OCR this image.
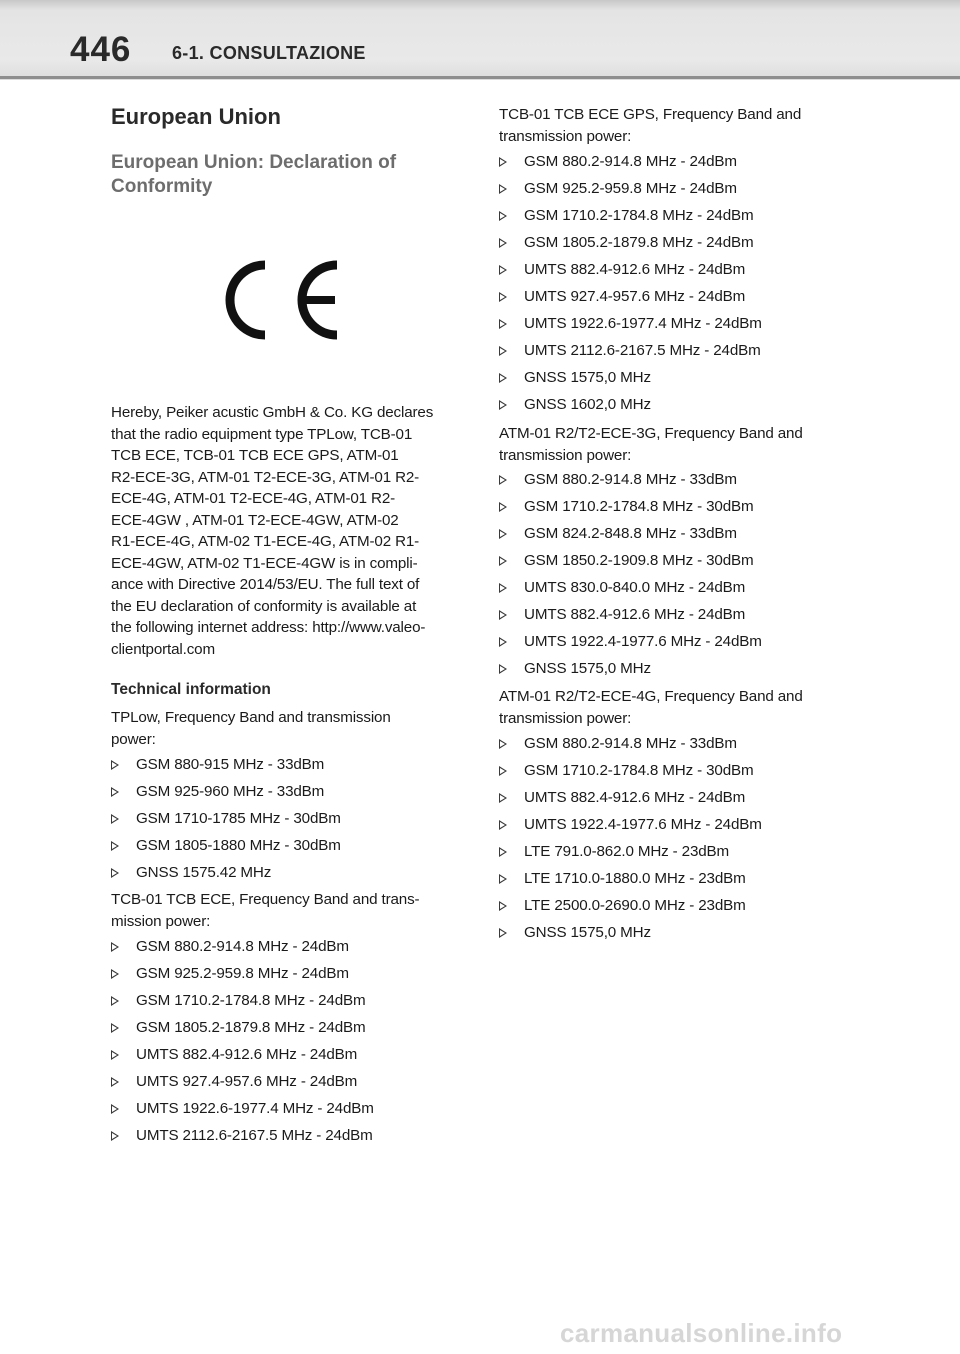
446 6-1. CONSULTAZIONE
European Union
European Union: Declaration of
Conformity
Hereby, Peiker acustic GmbH & Co. KG declares
that the radio equipment type TPLow, TCB-01
TCB ECE, TCB-01 TCB ECE GPS, ATM-01
R2-ECE-3G, ATM-01 T2-ECE-3G, ATM-01 R2-
ECE-4G, ATM-01 T2-ECE-4G, ATM-01 R2-
ECE-4GW , ATM-01 T2-ECE-4GW, ATM-02
R1-ECE-4G, ATM-02 T1-ECE-4G, ATM-02 R1-
ECE-4GW, ATM-02 T1-ECE-4GW is in compli-
ance with Directive 2014/53/EU. The full text of
the EU declaration of conformity is available at
the following internet address: http://www.valeo-
clientportal.com
Technical information
TPLow, Frequency Band and transmission
power:
GSM 880-915 MHz - 33dBm
GSM 925-960 MHz - 33dBm
GSM 1710-1785 MHz - 30dBm
GSM 1805-1880 MHz - 30dBm
GNSS 1575.42 MHz
TCB-01 TCB ECE, Frequency Band and trans-
mission power:
GSM 880.2-914.8 MHz - 24dBm
GSM 925.2-959.8 MHz - 24dBm
GSM 1710.2-1784.8 MHz - 24dBm
GSM 1805.2-1879.8 MHz - 24dBm
UMTS 882.4-912.6 MHz - 24dBm
UMTS 927.4-957.6 MHz - 24dBm
UMTS 1922.6-1977.4 MHz - 24dBm
UMTS 2112.6-2167.5 MHz - 24dBm
TCB-01 TCB ECE GPS, Frequency Band and
transmission power:
GSM 880.2-914.8 MHz - 24dBm
GSM 925.2-959.8 MHz - 24dBm
GSM 1710.2-1784.8 MHz - 24dBm
GSM 1805.2-1879.8 MHz - 24dBm
UMTS 882.4-912.6 MHz - 24dBm
UMTS 927.4-957.6 MHz - 24dBm
UMTS 1922.6-1977.4 MHz - 24dBm
UMTS 2112.6-2167.5 MHz - 24dBm
GNSS 1575,0 MHz
GNSS 1602,0 MHz
ATM-01 R2/T2-ECE-3G, Frequency Band and
transmission power:
GSM 880.2-914.8 MHz - 33dBm
GSM 1710.2-1784.8 MHz - 30dBm
GSM 824.2-848.8 MHz - 33dBm
GSM 1850.2-1909.8 MHz - 30dBm
UMTS 830.0-840.0 MHz - 24dBm
UMTS 882.4-912.6 MHz - 24dBm
UMTS 1922.4-1977.6 MHz - 24dBm
GNSS 1575,0 MHz
ATM-01 R2/T2-ECE-4G, Frequency Band and
transmission power:
GSM 880.2-914.8 MHz - 33dBm
GSM 1710.2-1784.8 MHz - 30dBm
UMTS 882.4-912.6 MHz - 24dBm
UMTS 1922.4-1977.6 MHz - 24dBm
LTE 791.0-862.0 MHz - 23dBm
LTE 1710.0-1880.0 MHz - 23dBm
LTE 2500.0-2690.0 MHz - 23dBm
GNSS 1575,0 MHz
carmanualsonline.info
